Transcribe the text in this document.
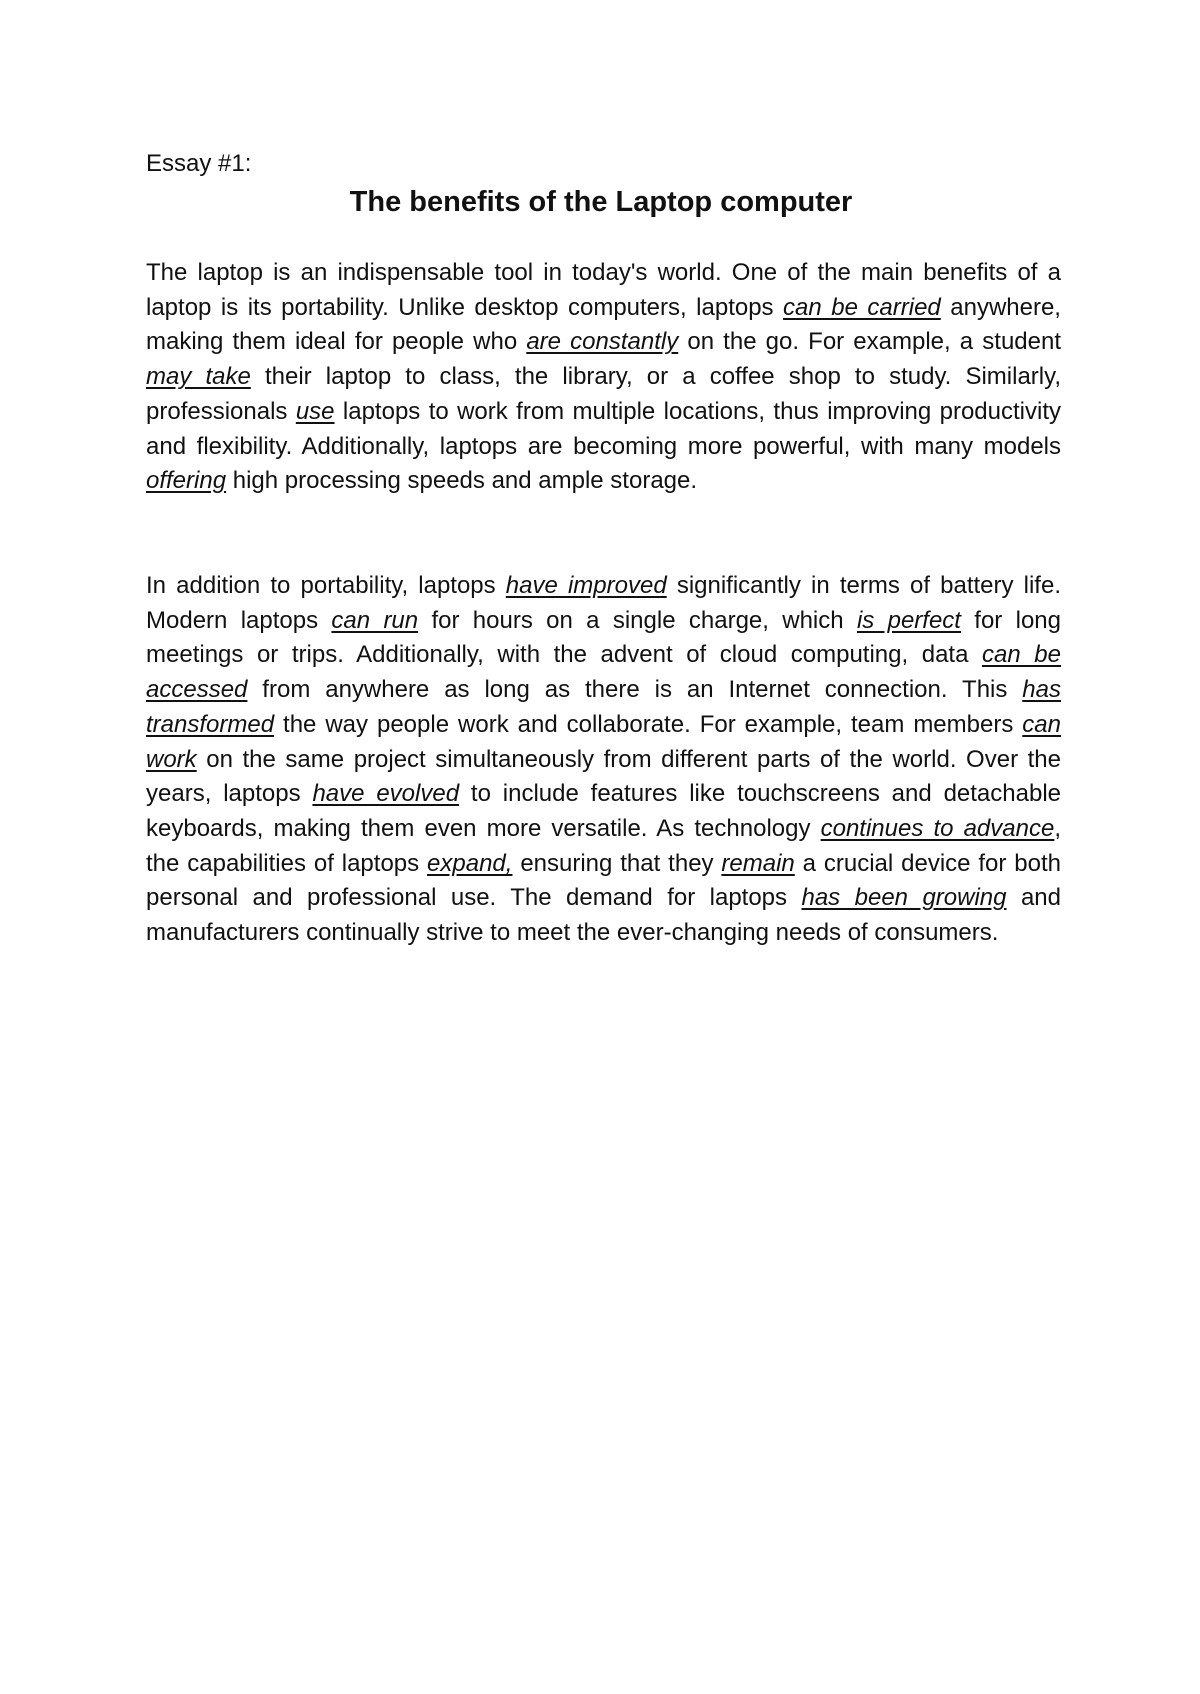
Essay #1:

The benefits of the Laptop computer

The laptop is an indispensable tool in today's world. One of the main benefits of a laptop is its portability. Unlike desktop computers, laptops can be carried anywhere, making them ideal for people who are constantly on the go. For example, a student may take their laptop to class, the library, or a coffee shop to study. Similarly, professionals use laptops to work from multiple locations, thus improving productivity and flexibility. Additionally, laptops are becoming more powerful, with many models offering high processing speeds and ample storage.

In addition to portability, laptops have improved significantly in terms of battery life. Modern laptops can run for hours on a single charge, which is perfect for long meetings or trips. Additionally, with the advent of cloud computing, data can be accessed from anywhere as long as there is an Internet connection. This has transformed the way people work and collaborate. For example, team members can work on the same project simultaneously from different parts of the world. Over the years, laptops have evolved to include features like touchscreens and detachable keyboards, making them even more versatile. As technology continues to advance, the capabilities of laptops expand, ensuring that they remain a crucial device for both personal and professional use. The demand for laptops has been growing and manufacturers continually strive to meet the ever-changing needs of consumers.
